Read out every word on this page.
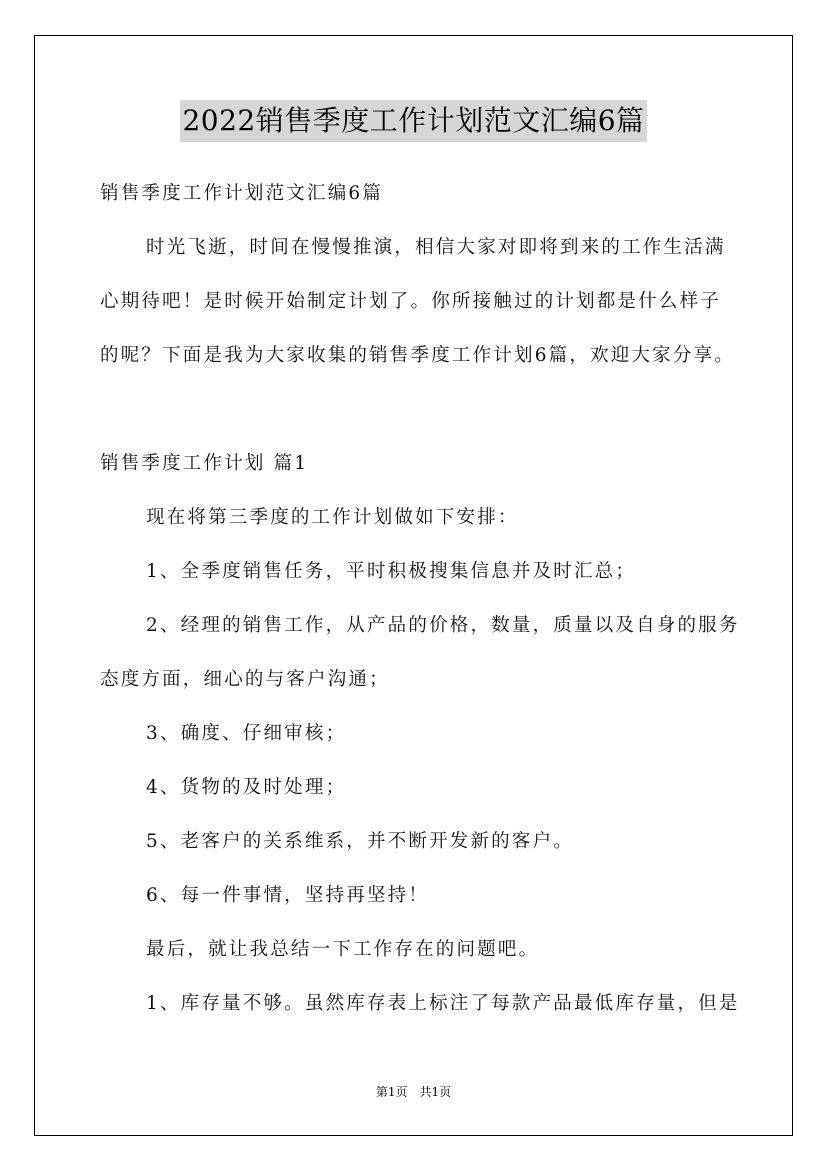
2022销售季度工作计划范文汇编6篇
销售季度工作计划范文汇编6篇
时光飞逝，时间在慢慢推演，相信大家对即将到来的工作生活满
心期待吧！是时候开始制定计划了。你所接触过的计划都是什么样子
的呢？下面是我为大家收集的销售季度工作计划6篇，欢迎大家分享。
销售季度工作计划 篇1
现在将第三季度的工作计划做如下安排：
1、全季度销售任务，平时积极搜集信息并及时汇总；
2、经理的销售工作，从产品的价格，数量，质量以及自身的服务
态度方面，细心的与客户沟通；
3、确度、仔细审核；
4、货物的及时处理；
5、老客户的关系维系，并不断开发新的客户。
6、每一件事情，坚持再坚持！
最后，就让我总结一下工作存在的问题吧。
1、库存量不够。虽然库存表上标注了每款产品最低库存量，但是
第1页　共1页
